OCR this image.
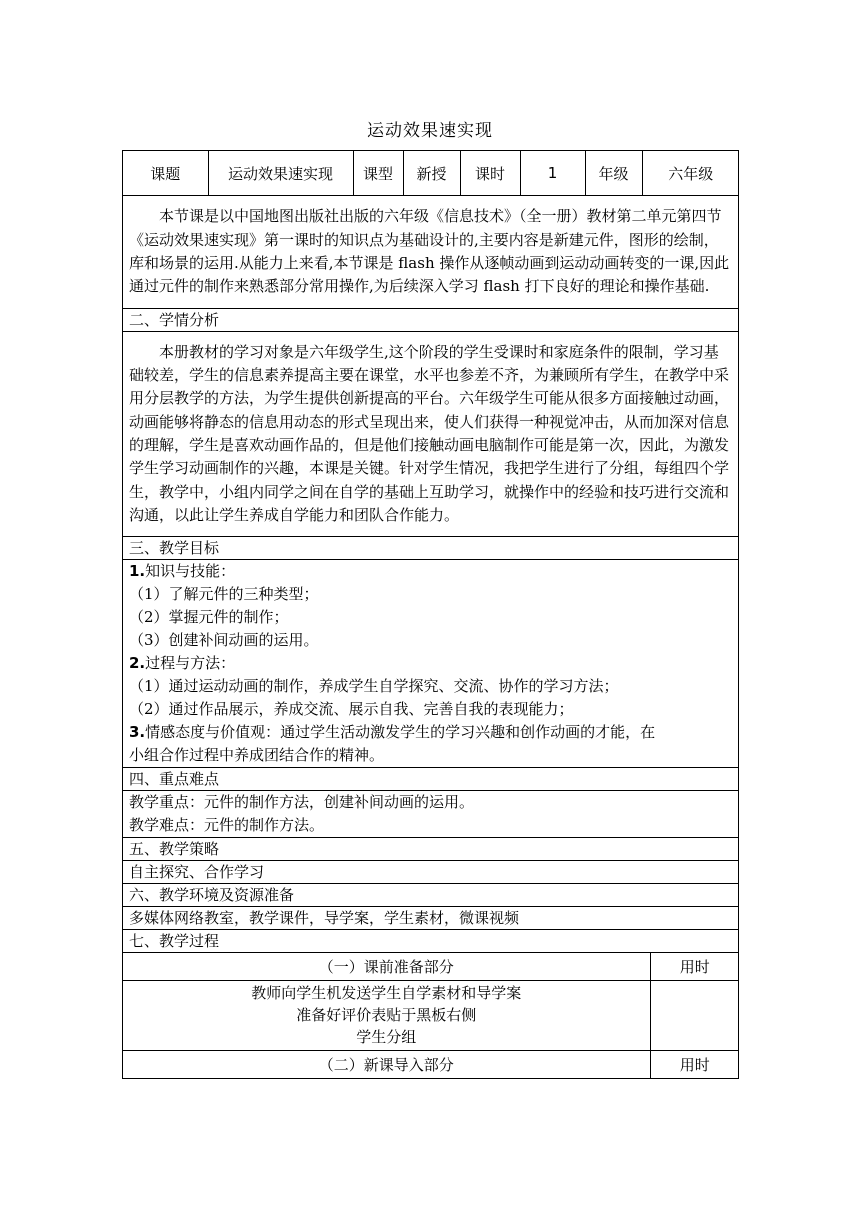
运动效果速实现
课题	运动效果速实现	课型	新授	课时	1	年级	六年级

本节课是以中国地图出版社出版的六年级《信息技术》（全一册）教材第二单元第四节《运动效果速实现》第一课时的知识点为基础设计的,主要内容是新建元件，图形的绘制，库和场景的运用.从能力上来看,本节课是 flash 操作从逐帧动画到运动动画转变的一课,因此通过元件的制作来熟悉部分常用操作,为后续深入学习 flash 打下良好的理论和操作基础.
二、学情分析
本册教材的学习对象是六年级学生,这个阶段的学生受课时和家庭条件的限制，学习基础较差，学生的信息素养提高主要在课堂，水平也参差不齐，为兼顾所有学生，在教学中采用分层教学的方法，为学生提供创新提高的平台。六年级学生可能从很多方面接触过动画，动画能够将静态的信息用动态的形式呈现出来，使人们获得一种视觉冲击，从而加深对信息的理解，学生是喜欢动画作品的，但是他们接触动画电脑制作可能是第一次，因此，为激发学生学习动画制作的兴趣，本课是关键。针对学生情况，我把学生进行了分组，每组四个学生，教学中，小组内同学之间在自学的基础上互助学习，就操作中的经验和技巧进行交流和沟通，以此让学生养成自学能力和团队合作能力。
三、教学目标

1.知识与技能：
（1）了解元件的三种类型；
（2）掌握元件的制作；
（3）创建补间动画的运用。
2.过程与方法：
（1）通过运动动画的制作，养成学生自学探究、交流、协作的学习方法；
（2）通过作品展示，养成交流、展示自我、完善自我的表现能力；
3.情感态度与价值观：通过学生活动激发学生的学习兴趣和创作动画的才能，在
小组合作过程中养成团结合作的精神。

四、重点难点

教学重点：元件的制作方法，创建补间动画的运用。
教学难点：元件的制作方法。

五、教学策略
自主探究、合作学习
六、教学环境及资源准备
多媒体网络教室，教学课件，导学案，学生素材，微课视频
七、教学过程

（一）课前准备部分	用时

教师向学生机发送学生自学素材和导学案
准备好评价表贴于黑板右侧
学生分组

（二）新课导入部分	用时
